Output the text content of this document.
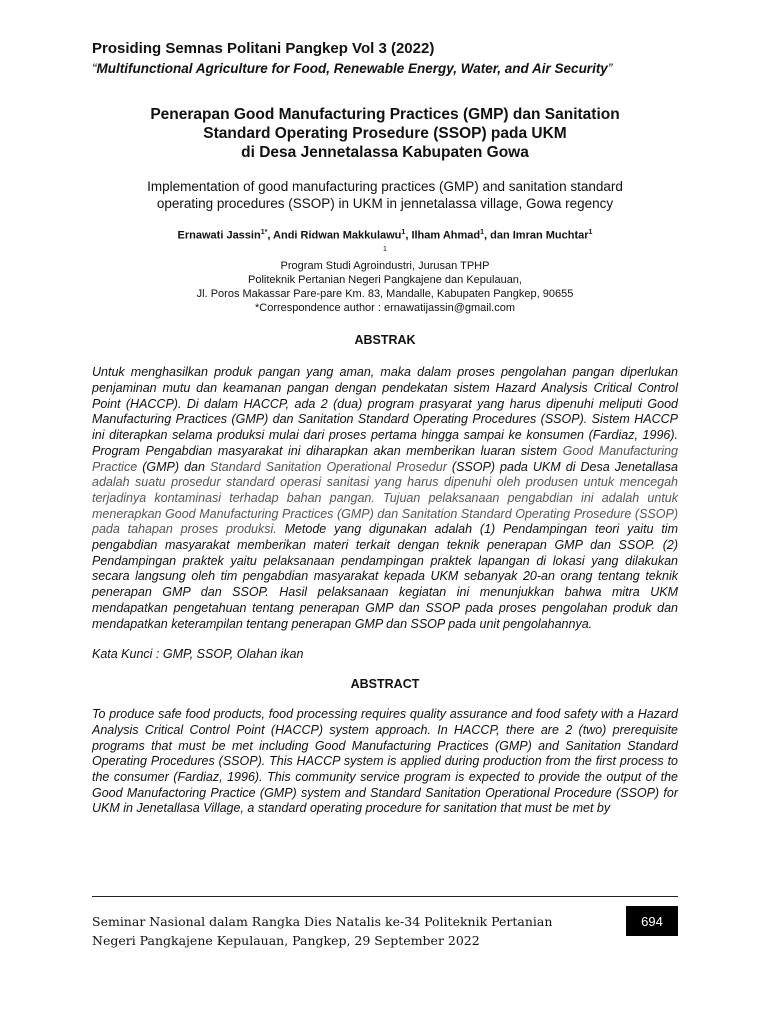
Prosiding Semnas Politani Pangkep Vol 3 (2022)
“Multifunctional Agriculture for Food, Renewable Energy, Water, and Air Security”
Penerapan Good Manufacturing Practices (GMP) dan Sanitation
Standard Operating Prosedure (SSOP) pada UKM
di Desa Jennetalassa Kabupaten Gowa
Implementation of good manufacturing practices (GMP) and sanitation standard
operating procedures (SSOP) in UKM in jennetalassa village, Gowa regency
Ernawati Jassin$^{1*}$, Andi Ridwan Makkulawu$^1$, Ilham Ahmad$^1$, dan Imran Muchtar$^1$
$^1$
Program Studi Agroindustri, Jurusan TPHP
Politeknik Pertanian Negeri Pangkajene dan Kepulauan,
Jl. Poros Makassar Pare-pare Km. 83, Mandalle, Kabupaten Pangkep, 90655
*Correspondence author : ernawatijassin@gmail.com
ABSTRAK
Untuk menghasilkan produk pangan yang aman, maka dalam proses pengolahan pangan diperlukan penjaminan mutu dan keamanan pangan dengan pendekatan sistem Hazard Analysis Critical Control Point (HACCP). Di dalam HACCP, ada 2 (dua) program prasyarat yang harus dipenuhi meliputi Good Manufacturing Practices (GMP) dan Sanitation Standard Operating Procedures (SSOP). Sistem HACCP ini diterapkan selama produksi mulai dari proses pertama hingga sampai ke konsumen (Fardiaz, 1996). Program Pengabdian masyarakat ini diharapkan akan memberikan luaran sistem Good Manufacturing Practice (GMP) dan Standard Sanitation Operational Prosedur (SSOP) pada UKM di Desa Jenetallasa adalah suatu prosedur standard operasi sanitasi yang harus dipenuhi oleh produsen untuk mencegah terjadinya kontaminasi terhadap bahan pangan. Tujuan pelaksanaan pengabdian ini adalah untuk menerapkan Good Manufacturing Practices (GMP) dan Sanitation Standard Operating Prosedure (SSOP) pada tahapan proses produksi. Metode yang digunakan adalah (1) Pendampingan teori yaitu tim pengabdian masyarakat memberikan materi terkait dengan teknik penerapan GMP dan SSOP. (2) Pendampingan praktek yaitu pelaksanaan pendampingan praktek lapangan di lokasi yang dilakukan secara langsung oleh tim pengabdian masyarakat kepada UKM sebanyak 20-an orang tentang teknik penerapan GMP dan SSOP. Hasil pelaksanaan kegiatan ini menunjukkan bahwa mitra UKM mendapatkan pengetahuan tentang penerapan GMP dan SSOP pada proses pengolahan produk dan mendapatkan keterampilan tentang penerapan GMP dan SSOP pada unit pengolahannya.
Kata Kunci : GMP, SSOP, Olahan ikan
ABSTRACT
To produce safe food products, food processing requires quality assurance and food safety with a Hazard Analysis Critical Control Point (HACCP) system approach. In HACCP, there are 2 (two) prerequisite programs that must be met including Good Manufacturing Practices (GMP) and Sanitation Standard Operating Procedures (SSOP). This HACCP system is applied during production from the first process to the consumer (Fardiaz, 1996). This community service program is expected to provide the output of the Good Manufactoring Practice (GMP) system and Standard Sanitation Operational Procedure (SSOP) for UKM in Jenetallasa Village, a standard operating procedure for sanitation that must be met by
Seminar Nasional dalam Rangka Dies Natalis ke-34 Politeknik Pertanian
Negeri Pangkajene Kepulauan, Pangkep, 29 September 2022
694
